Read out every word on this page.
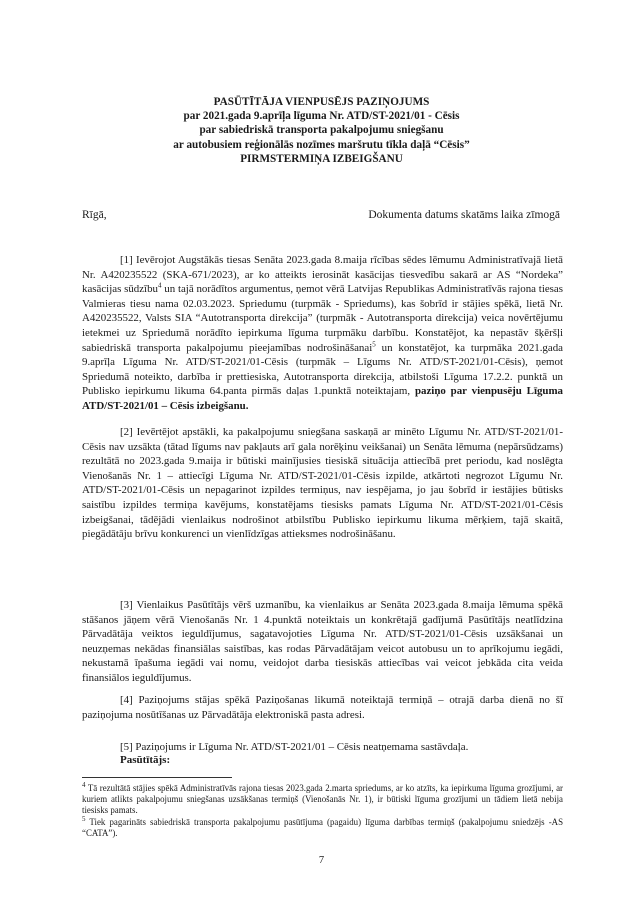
PASŪTĪTĀJA VIENPUSĒJS PAZIŅOJUMS
par 2021.gada 9.aprīļa līguma Nr. ATD/ST-2021/01 - Cēsis
par sabiedriskā transporta pakalpojumu sniegšanu
ar autobusiem reģionālās nozīmes maršrutu tīkla daļā “Cēsis”
PIRMSTERMIŅA IZBEIGŠANU
Rīgā,	Dokumenta datums skatāms laika zīmogā

[1] Ievērojot Augstākās tiesas Senāta 2023.gada 8.maija rīcības sēdes lēmumu Administratīvajā lietā Nr. A420235522 (SKA-671/2023), ar ko atteikts ierosināt kasācijas tiesvedību sakarā ar AS “Nordeka” kasācijas sūdzību$^4$ un tajā norādītos argumentus, ņemot vērā Latvijas Republikas Administratīvās rajona tiesas Valmieras tiesu nama 02.03.2023. Spriedumu (turpmāk - Spriedums), kas šobrīd ir stājies spēkā, lietā Nr. A420235522, Valsts SIA “Autotransporta direkcija” (turpmāk - Autotransporta direkcija) veica novērtējumu ietekmei uz Spriedumā norādīto iepirkuma līguma turpmāku darbību. Konstatējot, ka nepastāv šķēršļi sabiedriskā transporta pakalpojumu pieejamības nodrošināšanai$^5$ un konstatējot, ka turpmāka 2021.gada 9.aprīļa Līguma Nr. ATD/ST-2021/01-Cēsis (turpmāk – Līgums Nr. ATD/ST-2021/01-Cēsis), ņemot Spriedumā noteikto, darbība ir prettiesiska, Autotransporta direkcija, atbilstoši Līguma 17.2.2. punktā un Publisko iepirkumu likuma 64.panta pirmās daļas 1.punktā noteiktajam, paziņo par vienpusēju Līguma ATD/ST-2021/01 – Cēsis izbeigšanu.

[2] Ievērtējot apstākli, ka pakalpojumu sniegšana saskaņā ar minēto Līgumu Nr. ATD/ST-2021/01-Cēsis nav uzsākta (tātad līgums nav pakļauts arī gala norēķinu veikšanai) un Senāta lēmuma (nepārsūdzams) rezultātā no 2023.gada 9.maija ir būtiski mainījusies tiesiskā situācija attiecībā pret periodu, kad noslēgta Vienošanās Nr. 1 – attiecīgi Līguma Nr. ATD/ST-2021/01-Cēsis izpilde, atkārtoti negrozot Līgumu Nr. ATD/ST-2021/01-Cēsis un nepagarinot izpildes termiņus, nav iespējama, jo jau šobrīd ir iestājies būtisks saistību izpildes termiņa kavējums, konstatējams tiesisks pamats Līguma Nr. ATD/ST-2021/01-Cēsis izbeigšanai, tādējādi vienlaikus nodrošinot atbilstību Publisko iepirkumu likuma mērķiem, tajā skaitā, piegādātāju brīvu konkurenci un vienlīdzīgas attieksmes nodrošināšanu.

[3] Vienlaikus Pasūtītājs vērš uzmanību, ka vienlaikus ar Senāta 2023.gada 8.maija lēmuma spēkā stāšanos jāņem vērā Vienošanās Nr. 1 4.punktā noteiktais un konkrētajā gadījumā Pasūtītājs neatlīdzina Pārvadātāja veiktos ieguldījumus, sagatavojoties Līguma Nr. ATD/ST-2021/01-Cēsis uzsākšanai un neuzņemas nekādas finansiālas saistības, kas rodas Pārvadātājam veicot autobusu un to aprīkojumu iegādi, nekustamā īpašuma iegādi vai nomu, veidojot darba tiesiskās attiecības vai veicot jebkāda cita veida finansiālos ieguldījumus.

[4] Paziņojums stājas spēkā Paziņošanas likumā noteiktajā termiņā – otrajā darba dienā no šī paziņojuma nosūtīšanas uz Pārvadātāja elektroniskā pasta adresi.

[5] Paziņojums ir Līguma Nr. ATD/ST-2021/01 – Cēsis neatņemama sastāvdaļa.

Pasūtītājs:

$^4$ Tā rezultātā stājies spēkā Administratīvās rajona tiesas 2023.gada 2.marta spriedums, ar ko atzīts, ka iepirkuma līguma grozījumi, ar kuriem atlikts pakalpojumu sniegšanas uzsākšanas termiņš (Vienošanās Nr. 1), ir būtiski līguma grozījumi un tādiem lietā nebija tiesisks pamats.

$^5$ Tiek pagarināts sabiedriskā transporta pakalpojumu pasūtījuma (pagaidu) līguma darbības termiņš (pakalpojumu sniedzējs -AS “CATA”).

7
